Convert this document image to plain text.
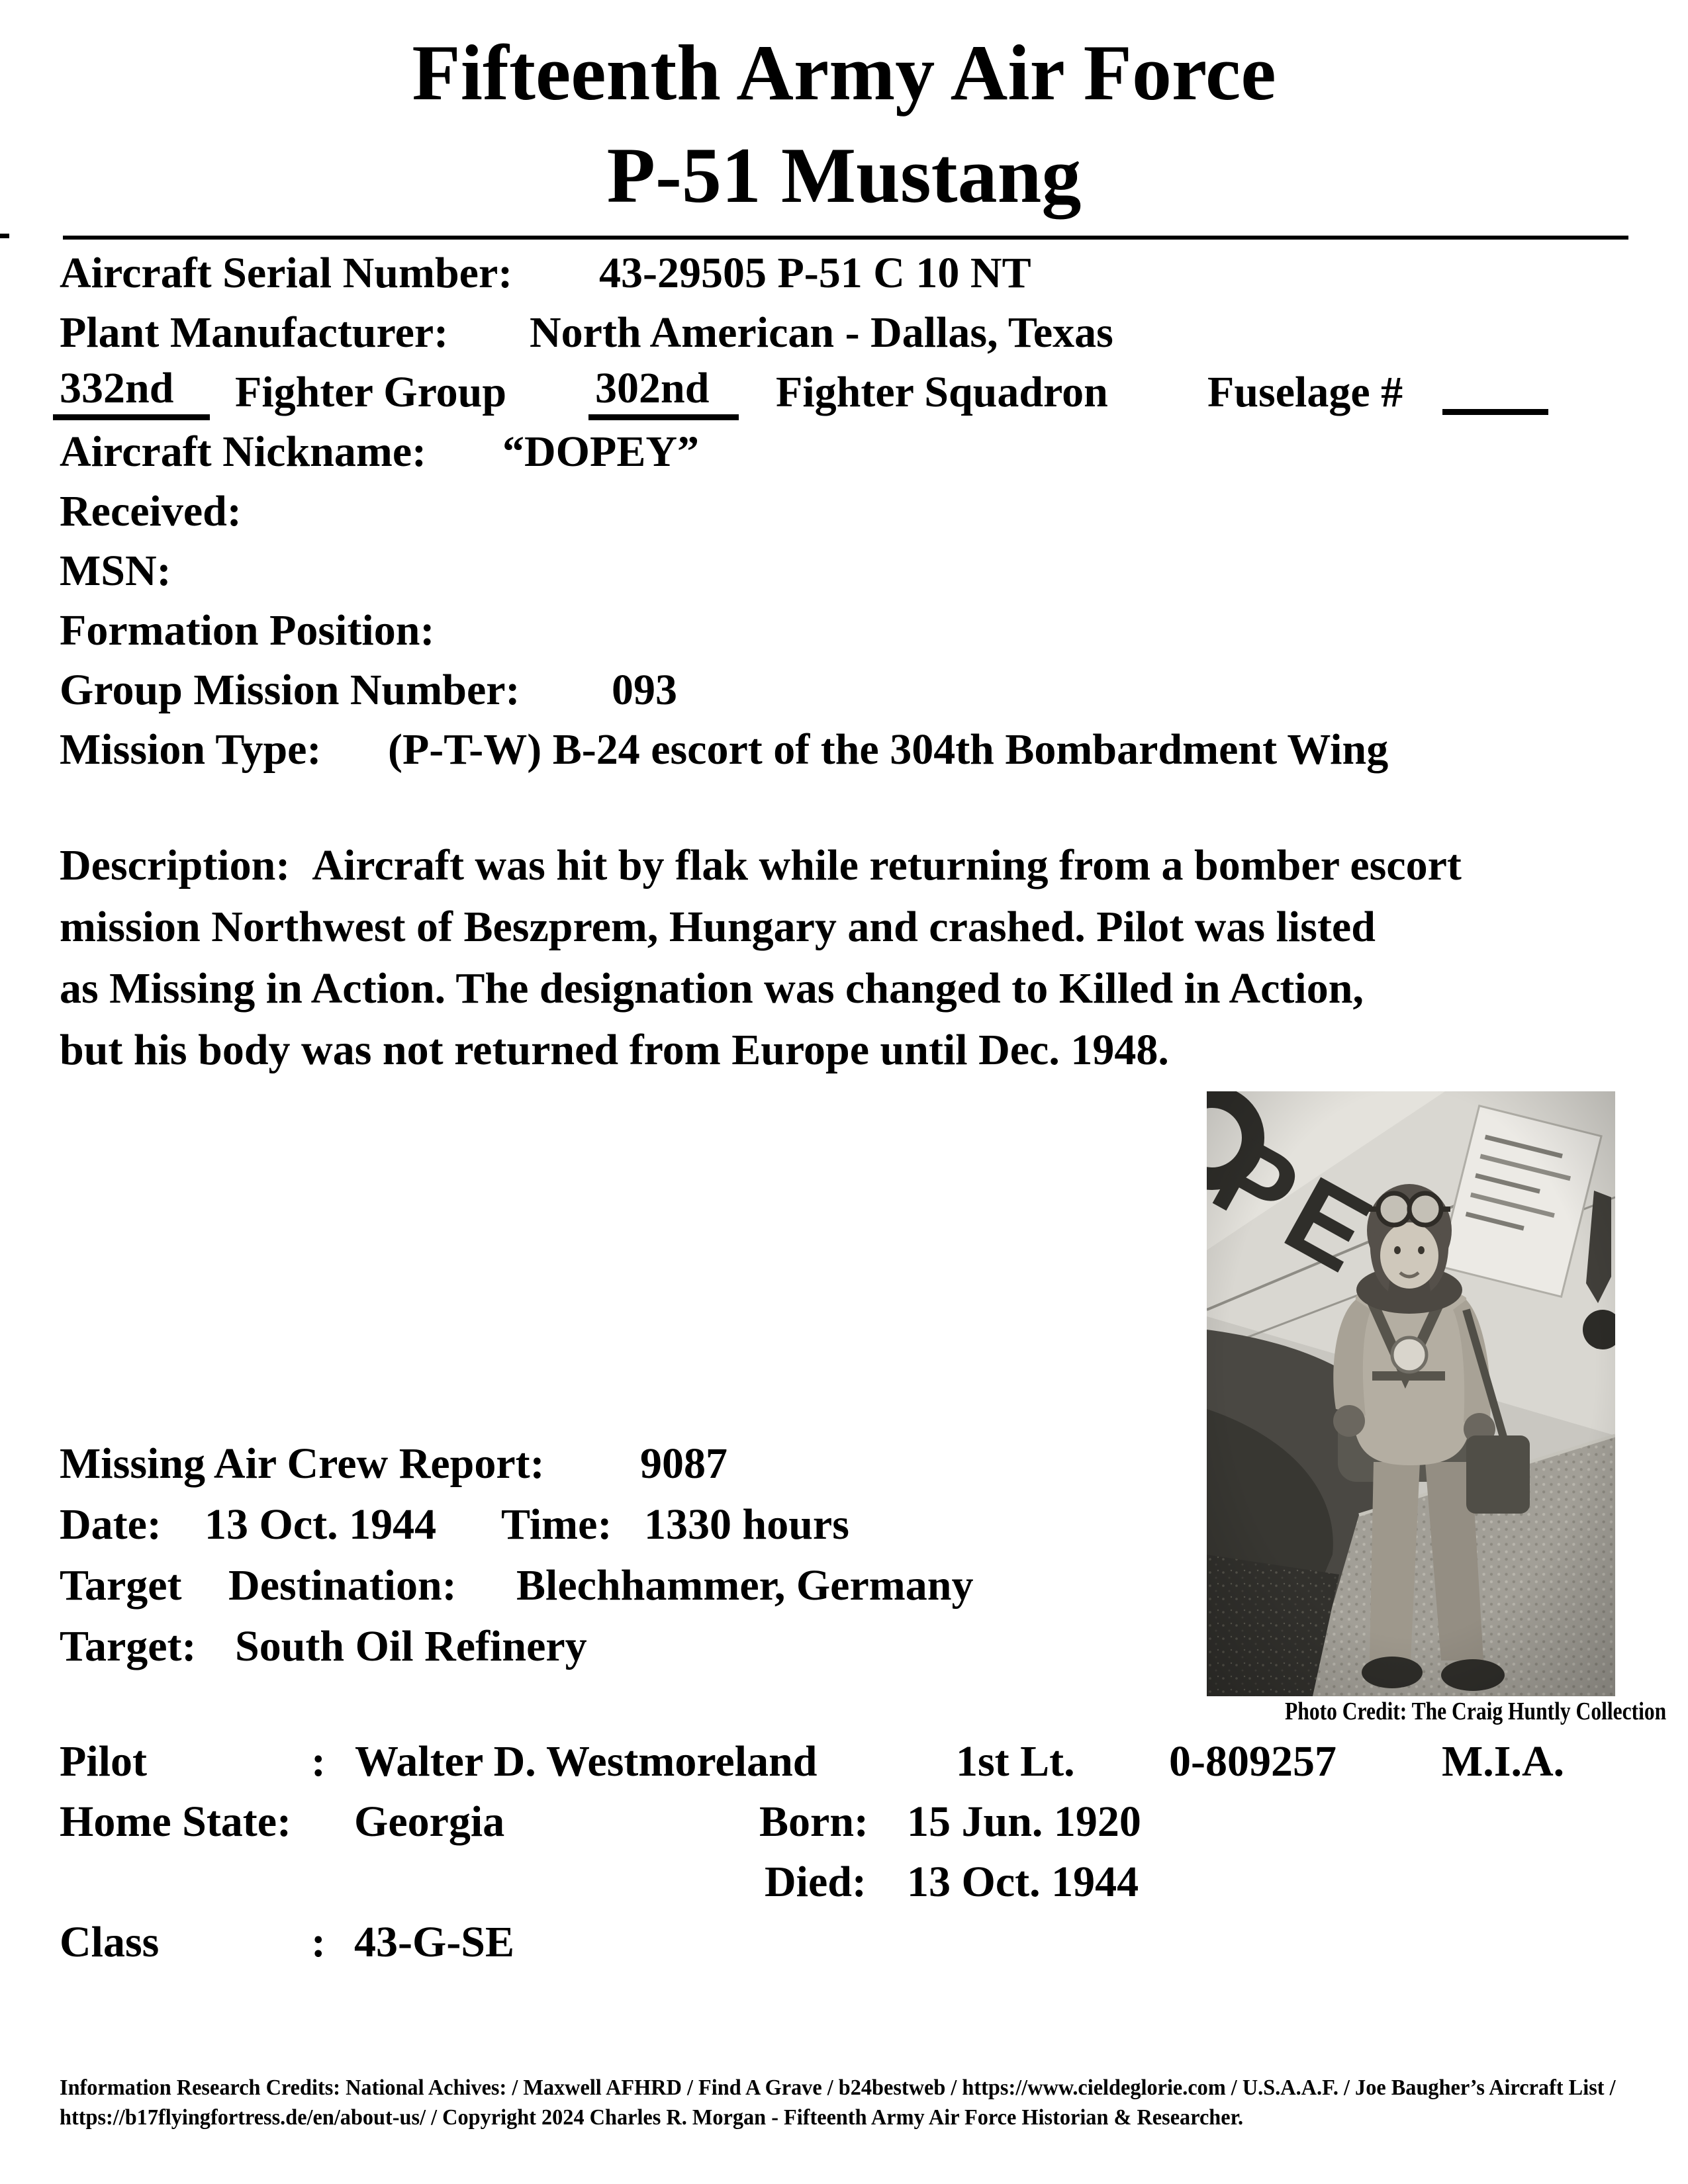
Fifteenth Army Air Force
P-51 Mustang
Aircraft Serial Number: 43-29505 P-51 C 10 NT
Plant Manufacturer: North American - Dallas, Texas
332nd	Fighter Group 302nd	Fighter Squadron Fuselage #
Aircraft Nickname: “DOPEY”
Received:
MSN:
Formation Position:
Group Mission Number: 093
Mission Type: (P-T-W) B-24 escort of the 304th Bombardment Wing
Description: Aircraft was hit by flak while returning from a bomber escort
mission Northwest of Beszprem, Hungary and crashed. Pilot was listed
as Missing in Action. The designation was changed to Killed in Action,
but his body was not returned from Europe until Dec. 1948.
Photo Credit: The Craig Huntly Collection
Missing Air Crew Report: 9087
Date: 13 Oct. 1944 Time: 1330 hours
Target Destination: Blechhammer, Germany
Target: South Oil Refinery
Pilot	: Walter D. Westmoreland	1st Lt. 0-809257 M.I.A.
Home State: Georgia	Born: 15 Jun. 1920
Died: 13 Oct. 1944
Class	: 43-G-SE
Information Research Credits: National Achives: / Maxwell AFHRD / Find A Grave / b24bestweb / https://www.cieldeglorie.com / U.S.A.A.F. / Joe Baugher’s Aircraft List /
https://b17flyingfortress.de/en/about-us/ / Copyright 2024 Charles R. Morgan - Fifteenth Army Air Force Historian & Researcher.
